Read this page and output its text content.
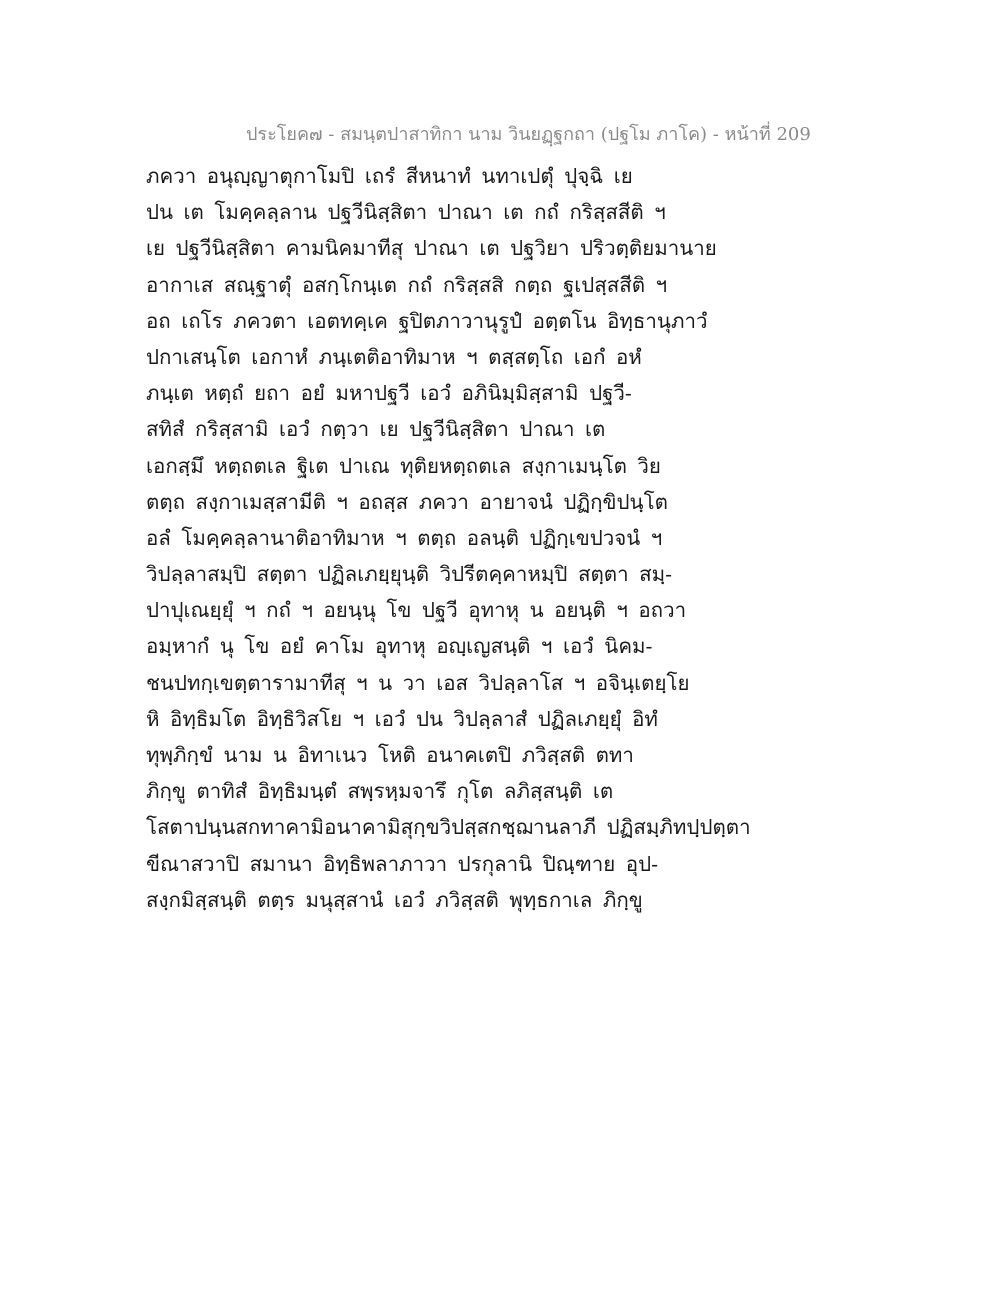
ประโยค๗ - สมนฺตปาสาทิกา นาม วินยฏฺฐกถา (ปฐโม ภาโค) - หน้าที่ 209
ภควา อนุญฺญาตุกาโมปิ เถรํ สีหนาทํ นทาเปตุํ ปุจฺฉิ เย
ปน เต โมคฺคลฺลาน ปฐวีนิสฺสิตา ปาณา เต กถํ กริสฺสสีติ ฯ
เย ปฐวีนิสฺสิตา คามนิคมาทีสุ ปาณา เต ปฐวิยา ปริวตฺติยมานาย
อากาเส สณฺฐาตุํ อสกฺโกนฺเต กถํ กริสฺสสิ กตฺถ ฐเปสฺสสีติ ฯ
อถ เถโร ภควตา เอตทคฺเค ฐปิตภาวานุรูปํ อตฺตโน อิทฺธานุภาวํ
ปกาเสนฺโต เอกาหํ ภนฺเตติอาทิมาห ฯ ตสฺสตฺโถ เอกํ อหํ
ภนฺเต หตฺถํ ยถา อยํ มหาปฐวี เอวํ อภินิมฺมิสฺสามิ ปฐวี-
สทิสํ กริสฺสามิ เอวํ กตฺวา เย ปฐวีนิสฺสิตา ปาณา เต
เอกสฺมึ หตฺถตเล ฐิเต ปาเณ ทุติยหตฺถตเล สงฺกาเมนฺโต วิย
ตตฺถ สงฺกาเมสฺสามีติ ฯ อถสฺส ภควา อายาจนํ ปฏิกฺขิปนฺโต
อลํ โมคฺคลฺลานาติอาทิมาห ฯ ตตฺถ อลนฺติ ปฏิกฺเขปวจนํ ฯ
วิปลฺลาสมฺปิ สตฺตา ปฏิลเภยฺยุนฺติ วิปรีตคฺคาหมฺปิ สตฺตา สมฺ-
ปาปุเณยฺยุํ ฯ กถํ ฯ อยนฺนุ โข ปฐวี อุทาหุ น อยนฺติ ฯ อถวา
อมฺหากํ นุ โข อยํ คาโม อุทาหุ อญฺเญสนฺติ ฯ เอวํ นิคม-
ชนปทกฺเขตฺตารามาทีสุ ฯ น วา เอส วิปลฺลาโส ฯ อจินฺเตยฺโย
หิ อิทฺธิมโต อิทฺธิวิสโย ฯ เอวํ ปน วิปลฺลาสํ ปฏิลเภยฺยุํ อิทํ
ทุพฺภิกฺขํ นาม น อิทาเนว โหติ อนาคเตปิ ภวิสฺสติ ตทา
ภิกฺขู ตาทิสํ อิทฺธิมนฺตํ สพฺรหฺมจารึ กุโต ลภิสฺสนฺติ เต
โสตาปนฺนสกทาคามิอนาคามิสุกฺขวิปสฺสกชฺฌานลาภี ปฏิสมฺภิทปฺปตฺตา
ขีณาสวาปิ สมานา อิทฺธิพลาภาวา ปรกุลานิ ปิณฺฑาย อุป-
สงฺกมิสฺสนฺติ ตตฺร มนุสฺสานํ เอวํ ภวิสฺสติ พุทฺธกาเล ภิกฺขู
